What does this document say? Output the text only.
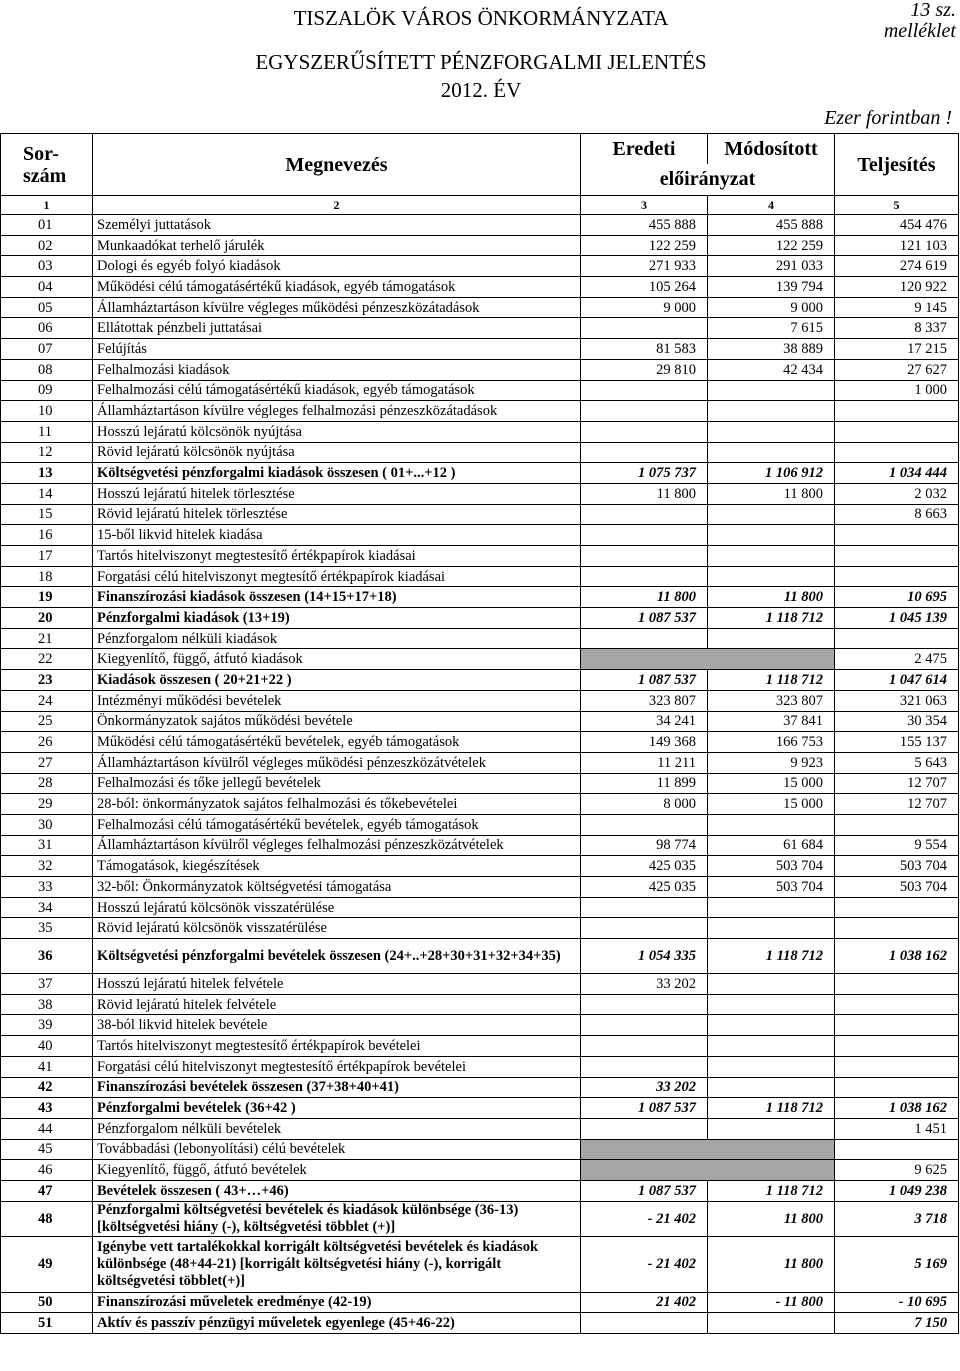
TISZALÖK VÁROS ÖNKORMÁNYZATA
EGYSZERŰSÍTETT PÉNZFORGALMI JELENTÉS
2012. ÉV
13 sz. melléklet
Ezer forintban !
Sor-szám	Megnevezés	Eredeti	Módosított	Teljesítés
		előirányzat		
1	2	3	4	5
01	Személyi juttatások	455 888	455 888	454 476
02	Munkaadókat terhelő járulék	122 259	122 259	121 103
03	Dologi és egyéb folyó kiadások	271 933	291 033	274 619
04	Működési célú támogatásértékű kiadások, egyéb támogatások	105 264	139 794	120 922
05	Államháztartáson kívülre végleges működési pénzeszközátadások	9 000	9 000	9 145
06	Ellátottak pénzbeli juttatásai		7 615	8 337
07	Felújítás	81 583	38 889	17 215
08	Felhalmozási kiadások	29 810	42 434	27 627
09	Felhalmozási célú támogatásértékű kiadások, egyéb támogatások			1 000
10	Államháztartáson kívülre végleges felhalmozási pénzeszközátadások			
11	Hosszú lejáratú kölcsönök nyújtása			
12	Rövid lejáratú kölcsönök nyújtása			
13	Költségvetési pénzforgalmi kiadások összesen ( 01+...+12 )	1 075 737	1 106 912	1 034 444
14	Hosszú lejáratú hitelek törlesztése	11 800	11 800	2 032
15	Rövid lejáratú hitelek törlesztése			8 663
16	15-ből likvid hitelek kiadása			
17	Tartós hitelviszonyt megtestesítő értékpapírok kiadásai			
18	Forgatási célú hitelviszonyt megtesítő értékpapírok kiadásai			
19	Finanszírozási kiadások összesen (14+15+17+18)	11 800	11 800	10 695
20	Pénzforgalmi kiadások (13+19)	1 087 537	1 118 712	1 045 139
21	Pénzforgalom nélküli kiadások			
22	Kiegyenlítő, függő, átfutó kiadások			2 475
23	Kiadások összesen ( 20+21+22 )	1 087 537	1 118 712	1 047 614
24	Intézményi működési bevételek	323 807	323 807	321 063
25	Önkormányzatok sajátos működési bevétele	34 241	37 841	30 354
26	Működési célú támogatásértékű bevételek, egyéb támogatások	149 368	166 753	155 137
27	Államháztartáson kívülről végleges működési pénzeszközátvételek	11 211	9 923	5 643
28	Felhalmozási és tőke jellegű bevételek	11 899	15 000	12 707
29	28-ból: önkormányzatok sajátos felhalmozási és tőkebevételei	8 000	15 000	12 707
30	Felhalmozási célú támogatásértékű bevételek, egyéb támogatások			
31	Államháztartáson kívülről végleges felhalmozási pénzeszközátvételek	98 774	61 684	9 554
32	Támogatások, kiegészítések	425 035	503 704	503 704
33	32-ből: Önkormányzatok költségvetési támogatása	425 035	503 704	503 704
34	Hosszú lejáratú kölcsönök visszatérülése			
35	Rövid lejáratú kölcsönök visszatérülése			
36	Költségvetési pénzforgalmi bevételek összesen (24+..+28+30+31+32+34+35)	1 054 335	1 118 712	1 038 162
37	Hosszú lejáratú hitelek felvétele	33 202		
38	Rövid lejáratú hitelek felvétele			
39	38-ból likvid hitelek bevétele			
40	Tartós hitelviszonyt megtestesítő értékpapírok bevételei			
41	Forgatási célú hitelviszonyt megtestesítő értékpapírok bevételei			
42	Finanszírozási bevételek összesen (37+38+40+41)	33 202		
43	Pénzforgalmi bevételek (36+42 )	1 087 537	1 118 712	1 038 162
44	Pénzforgalom nélküli bevételek			1 451
45	Továbbadási (lebonyolítási) célú bevételek			
46	Kiegyenlítő, függő, átfutó bevételek			9 625
47	Bevételek összesen ( 43+…+46)	1 087 537	1 118 712	1 049 238
48	Pénzforgalmi költségvetési bevételek és kiadások különbsége (36-13) [költségvetési hiány (-), költségvetési többlet (+)]	- 21 402	11 800	3 718
49	Igénybe vett tartalékokkal korrigált költségvetési bevételek és kiadások különbsége (48+44-21) [korrigált költségvetési hiány (-), korrigált költségvetési többlet(+)]	- 21 402	11 800	5 169
50	Finanszírozási műveletek eredménye (42-19)	21 402	- 11 800	- 10 695
51	Aktív és passzív pénzügyi műveletek egyenlege (45+46-22)			7 150
